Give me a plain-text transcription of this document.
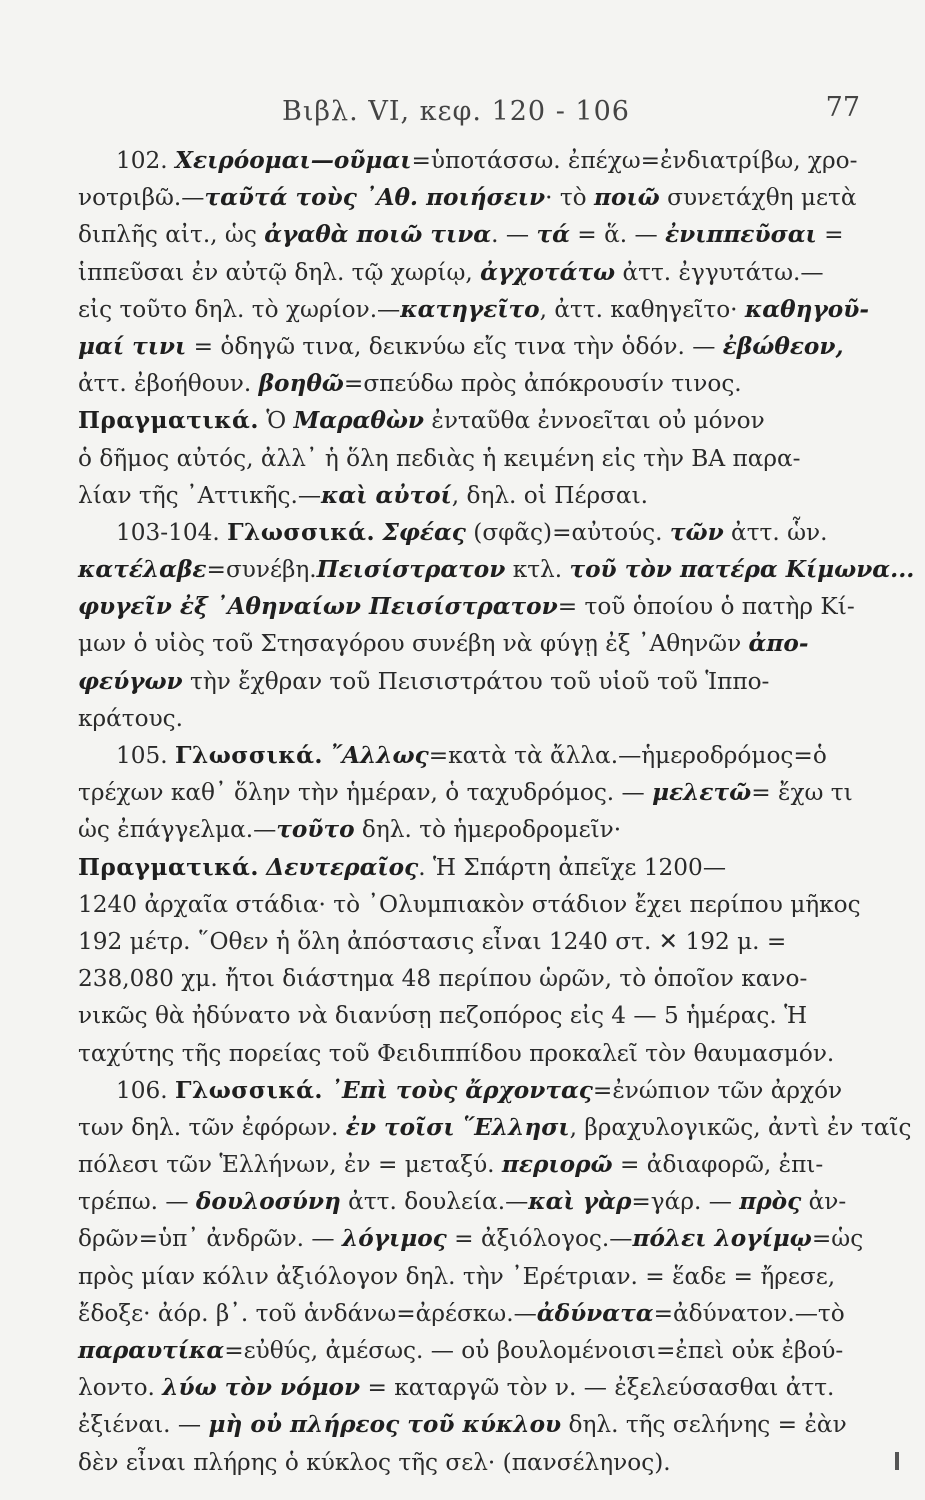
Βιβλ. VI, κεφ. 120 - 106	77
102. Χειρόομαι—οῦμαι=ὑποτάσσω. ἐπέχω=ἐνδιατρίβω, χρο-
νοτριβῶ.—ταῦτά τοὺς ᾽Αθ. ποιήσειν· τὸ ποιῶ συνετάχθη μετὰ
διπλῆς αἰτ., ὡς ἀγαθὰ ποιῶ τινα. — τά = ἅ. — ἐνιππεῦσαι =
ἱππεῦσαι ἐν αὐτῷ δηλ. τῷ χωρίῳ, ἀγχοτάτω ἀττ. ἐγγυτάτω.—
εἰς τοῦτο δηλ. τὸ χωρίον.—κατηγεῖτο, ἀττ. καθηγεῖτο· καθηγοῦ-
μαί τινι = ὁδηγῶ τινα, δεικνύω εἴς τινα τὴν ὁδόν. — ἐβώθεον,
ἀττ. ἐβοήθουν. βοηθῶ=σπεύδω πρὸς ἀπόκρουσίν τινος.
Πραγματικά. Ὁ Μαραθὼν ἐνταῦθα ἐννοεῖται οὐ μόνον
ὁ δῆμος αὐτός, ἀλλ᾽ ἡ ὅλη πεδιὰς ἡ κειμένη εἰς τὴν ΒΑ παρα-
λίαν τῆς ᾽Αττικῆς.—καὶ αὐτοί, δηλ. οἱ Πέρσαι.
103-104. Γλωσσικά. Σφέας (σφᾶς)=αὐτούς. τῶν ἀττ. ὧν.
κατέλαβε=συνέβη.Πεισίστρατον κτλ. τοῦ τὸν πατέρα Κίμωνα...
φυγεῖν ἐξ ᾽Αθηναίων Πεισίστρατον= τοῦ ὁποίου ὁ πατὴρ Κί-
μων ὁ υἱὸς τοῦ Στησαγόρου συνέβη νὰ φύγῃ ἐξ ᾽Αθηνῶν ἀπο-
φεύγων τὴν ἔχθραν τοῦ Πεισιστράτου τοῦ υἱοῦ τοῦ Ἱππο-
κράτους.
105. Γλωσσικά. ῎Αλλως=κατὰ τὰ ἄλλα.—ἡμεροδρόμος=ὁ
τρέχων καθ᾽ ὅλην τὴν ἡμέραν, ὁ ταχυδρόμος. — μελετῶ= ἔχω τι
ὡς ἐπάγγελμα.—τοῦτο δηλ. τὸ ἡμεροδρομεῖν·
Πραγματικά. Δευτεραῖος. Ἡ Σπάρτη ἀπεῖχε 1200—
1240 ἀρχαῖα στάδια· τὸ ᾽Ολυμπιακὸν στάδιον ἔχει περίπου μῆκος
192 μέτρ. ῞Οθεν ἡ ὅλη ἀπόστασις εἶναι 1240 στ. ✕ 192 μ. =
238,080 χμ. ἤτοι διάστημα 48 περίπου ὡρῶν, τὸ ὁποῖον κανο-
νικῶς θὰ ἠδύνατο νὰ διανύσῃ πεζοπόρος εἰς 4 — 5 ἡμέρας. Ἡ
ταχύτης τῆς πορείας τοῦ Φειδιππίδου προκαλεῖ τὸν θαυμασμόν.
106. Γλωσσικά. ᾽Επὶ τοὺς ἄρχοντας=ἐνώπιον τῶν ἀρχόν
των δηλ. τῶν ἐφόρων. ἐν τοῖσι ῞Ελλησι, βραχυλογικῶς, ἀντὶ ἐν ταῖς
πόλεσι τῶν Ἑλλήνων, ἐν = μεταξύ. περιορῶ = ἀδιαφορῶ, ἐπι-
τρέπω. — δουλοσύνη ἀττ. δουλεία.—καὶ γὰρ=γάρ. — πρὸς ἀν-
δρῶν=ὑπ᾽ ἀνδρῶν. — λόγιμος = ἀξιόλογος.—πόλει λογίμῳ=ὡς
πρὸς μίαν κόλιν ἀξιόλογον δηλ. τὴν ᾽Ερέτριαν. = ἕαδε = ἤρεσε,
ἔδοξε· ἀόρ. β᾽. τοῦ ἁνδάνω=ἀρέσκω.—ἀδύνατα=ἀδύνατον.—τὸ
παραυτίκα=εὐθύς, ἀμέσως. — οὐ βουλομένοισι=ἐπεὶ οὐκ ἐβού-
λοντο. λύω τὸν νόμον = καταργῶ τὸν ν. — ἐξελεύσασθαι ἀττ.
ἐξιέναι. — μὴ οὐ πλήρεος τοῦ κύκλου δηλ. τῆς σελήνης = ἐὰν
δὲν εἶναι πλήρης ὁ κύκλος τῆς σελ· (πανσέληνος).
